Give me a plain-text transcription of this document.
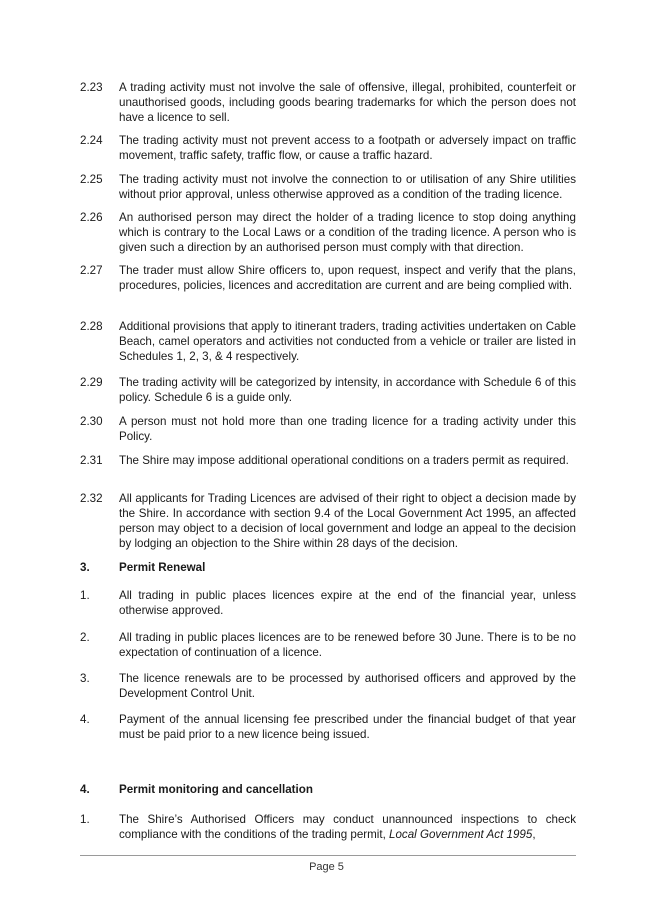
2.23	A trading activity must not involve the sale of offensive, illegal, prohibited, counterfeit or unauthorised goods, including goods bearing trademarks for which the person does not have a licence to sell.
2.24	The trading activity must not prevent access to a footpath or adversely impact on traffic movement, traffic safety, traffic flow, or cause a traffic hazard.
2.25	The trading activity must not involve the connection to or utilisation of any Shire utilities without prior approval, unless otherwise approved as a condition of the trading licence.
2.26	An authorised person may direct the holder of a trading licence to stop doing anything which is contrary to the Local Laws or a condition of the trading licence. A person who is given such a direction by an authorised person must comply with that direction.
2.27	The trader must allow Shire officers to, upon request, inspect and verify that the plans, procedures, policies, licences and accreditation are current and are being complied with.
2.28	Additional provisions that apply to itinerant traders, trading activities undertaken on Cable Beach, camel operators and activities not conducted from a vehicle or trailer are listed in Schedules 1, 2, 3, & 4 respectively.
2.29	The trading activity will be categorized by intensity, in accordance with Schedule 6 of this policy. Schedule 6 is a guide only.
2.30	A person must not hold more than one trading licence for a trading activity under this Policy.
2.31	The Shire may impose additional operational conditions on a traders permit as required.
2.32	All applicants for Trading Licences are advised of their right to object a decision made by the Shire. In accordance with section 9.4 of the Local Government Act 1995, an affected person may object to a decision of local government and lodge an appeal to the decision by lodging an objection to the Shire within 28 days of the decision.
3.	Permit Renewal
1.	All trading in public places licences expire at the end of the financial year, unless otherwise approved.
2.	All trading in public places licences are to be renewed before 30 June. There is to be no expectation of continuation of a licence.
3.	The licence renewals are to be processed by authorised officers and approved by the Development Control Unit.
4.	Payment of the annual licensing fee prescribed under the financial budget of that year must be paid prior to a new licence being issued.
4.	Permit monitoring and cancellation
1.	The Shire’s Authorised Officers may conduct unannounced inspections to check compliance with the conditions of the trading permit, Local Government Act 1995,
Page 5
